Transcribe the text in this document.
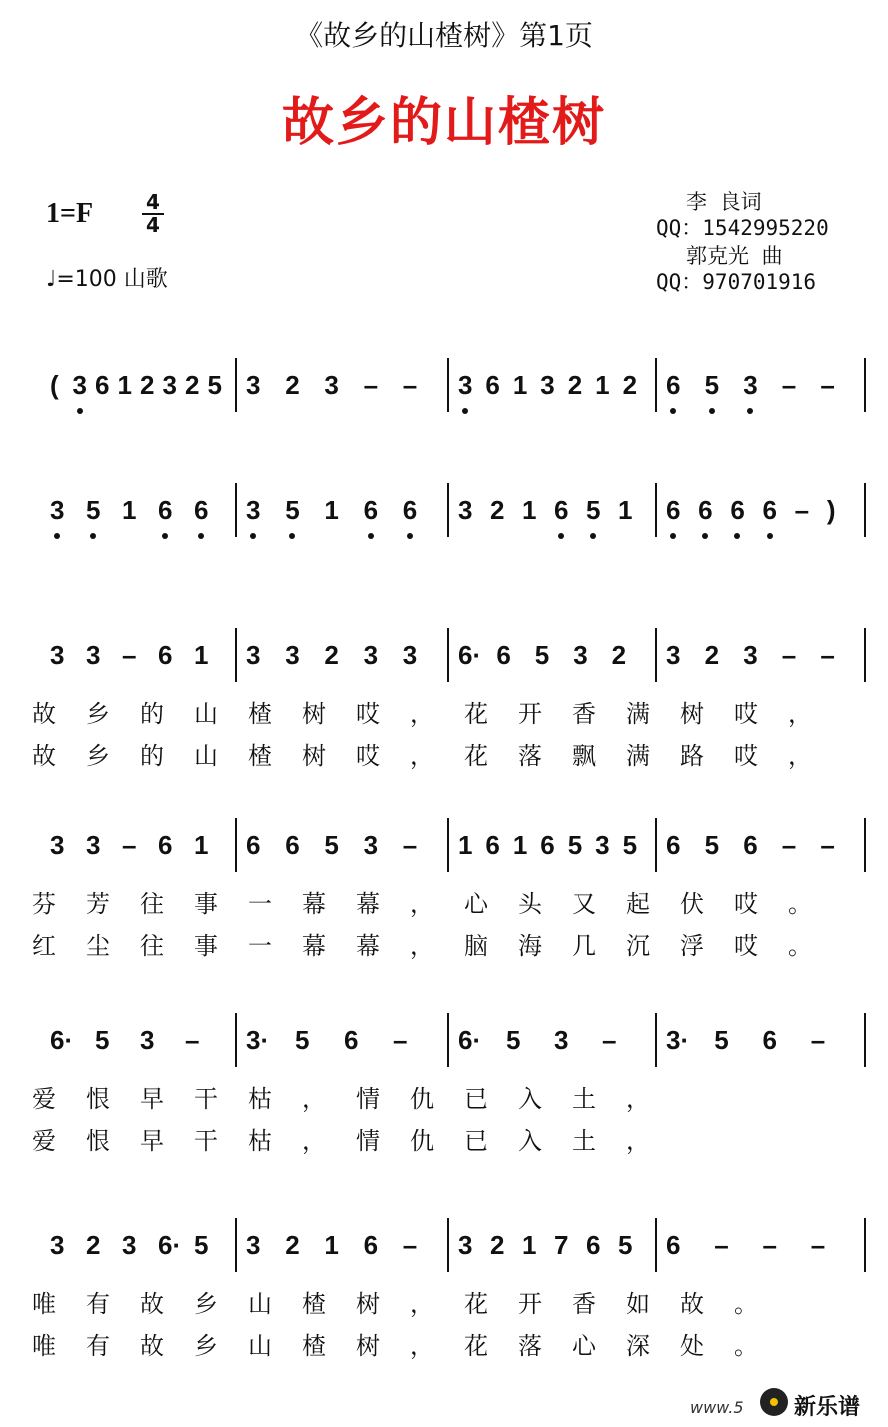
《故乡的山楂树》第1页
故乡的山楂树
1=F	4
4
♩=100 山歌
李 良词
QQ：1542995220
郭克光 曲
QQ：970701916
( 3 6 1 2 3 2 5 3 2 3 – – 3 6 1 3 2 1 2 6 5 3 – –
3 5 1 6 6 3 5 1 6 6 3 2 1 6 5 1 6 6 6 6 – )
3 3 – 6 1 3 3 2 3 3 6· 6 5 3 2 3 2 3 – –
故乡的山楂树哎，花开香满树哎，
故乡的山楂树哎，花落飘满路哎，
3 3 – 6 1 6 6 5 3 – 1 6 1 6 5 3 5 6 5 6 – –
芬芳往事一幕幕，心头又起伏哎。
红尘往事一幕幕，脑海几沉浮哎。
6· 5 3 – 3· 5 6 – 6· 5 3 – 3· 5 6 –
爱恨早干枯，情仇已入土，
爱恨早干枯，情仇已入土，
3 2 3 6· 5 3 2 1 6 – 3 2 1 7 6 5 6 – – –
唯有故乡山楂树，花开香如故。
唯有故乡山楂树，花落心深处。
www.5 新乐谱
